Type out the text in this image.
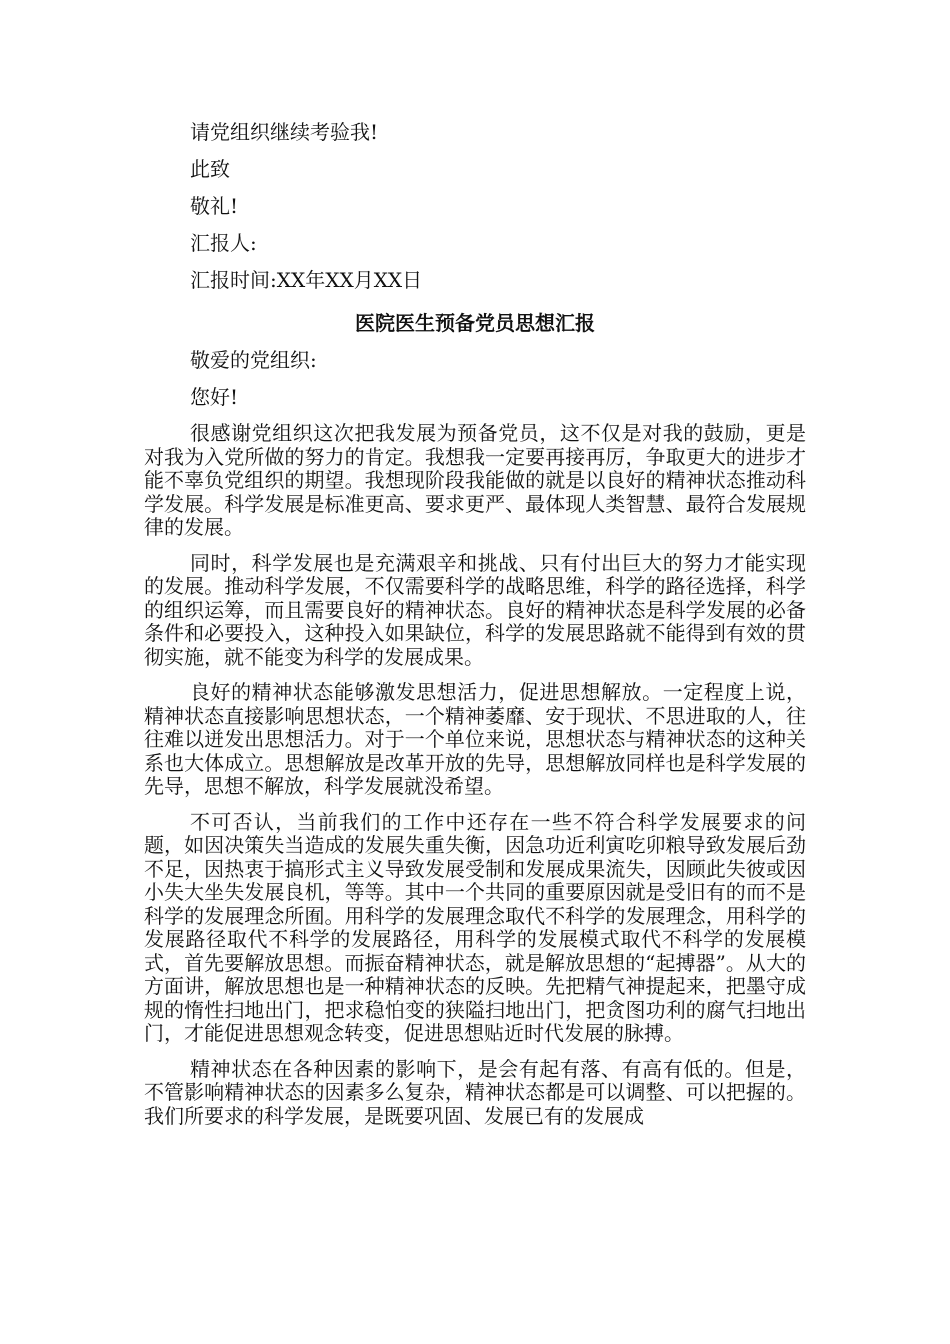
请党组织继续考验我!

此致

敬礼!

汇报人:

汇报时间:XX年XX月XX日

医院医生预备党员思想汇报

敬爱的党组织:

您好!

很感谢党组织这次把我发展为预备党员，这不仅是对我的鼓励，更是对我为入党所做的努力的肯定。我想我一定要再接再厉，争取更大的进步才能不辜负党组织的期望。我想现阶段我能做的就是以良好的精神状态推动科学发展。科学发展是标准更高、要求更严、最体现人类智慧、最符合发展规律的发展。

同时，科学发展也是充满艰辛和挑战、只有付出巨大的努力才能实现的发展。推动科学发展，不仅需要科学的战略思维，科学的路径选择，科学的组织运筹，而且需要良好的精神状态。良好的精神状态是科学发展的必备条件和必要投入，这种投入如果缺位，科学的发展思路就不能得到有效的贯彻实施，就不能变为科学的发展成果。

良好的精神状态能够激发思想活力，促进思想解放。一定程度上说，精神状态直接影响思想状态，一个精神萎靡、安于现状、不思进取的人，往往难以迸发出思想活力。对于一个单位来说，思想状态与精神状态的这种关系也大体成立。思想解放是改革开放的先导，思想解放同样也是科学发展的先导，思想不解放，科学发展就没希望。

不可否认，当前我们的工作中还存在一些不符合科学发展要求的问题，如因决策失当造成的发展失重失衡，因急功近利寅吃卯粮导致发展后劲不足，因热衷于搞形式主义导致发展受制和发展成果流失，因顾此失彼或因小失大坐失发展良机，等等。其中一个共同的重要原因就是受旧有的而不是科学的发展理念所囿。用科学的发展理念取代不科学的发展理念，用科学的发展路径取代不科学的发展路径，用科学的发展模式取代不科学的发展模式，首先要解放思想。而振奋精神状态，就是解放思想的“起搏器”。从大的方面讲，解放思想也是一种精神状态的反映。先把精气神提起来，把墨守成规的惰性扫地出门，把求稳怕变的狭隘扫地出门，把贪图功利的腐气扫地出门，才能促进思想观念转变，促进思想贴近时代发展的脉搏。

精神状态在各种因素的影响下，是会有起有落、有高有低的。但是，不管影响精神状态的因素多么复杂，精神状态都是可以调整、可以把握的。我们所要求的科学发展，是既要巩固、发展已有的发展成
